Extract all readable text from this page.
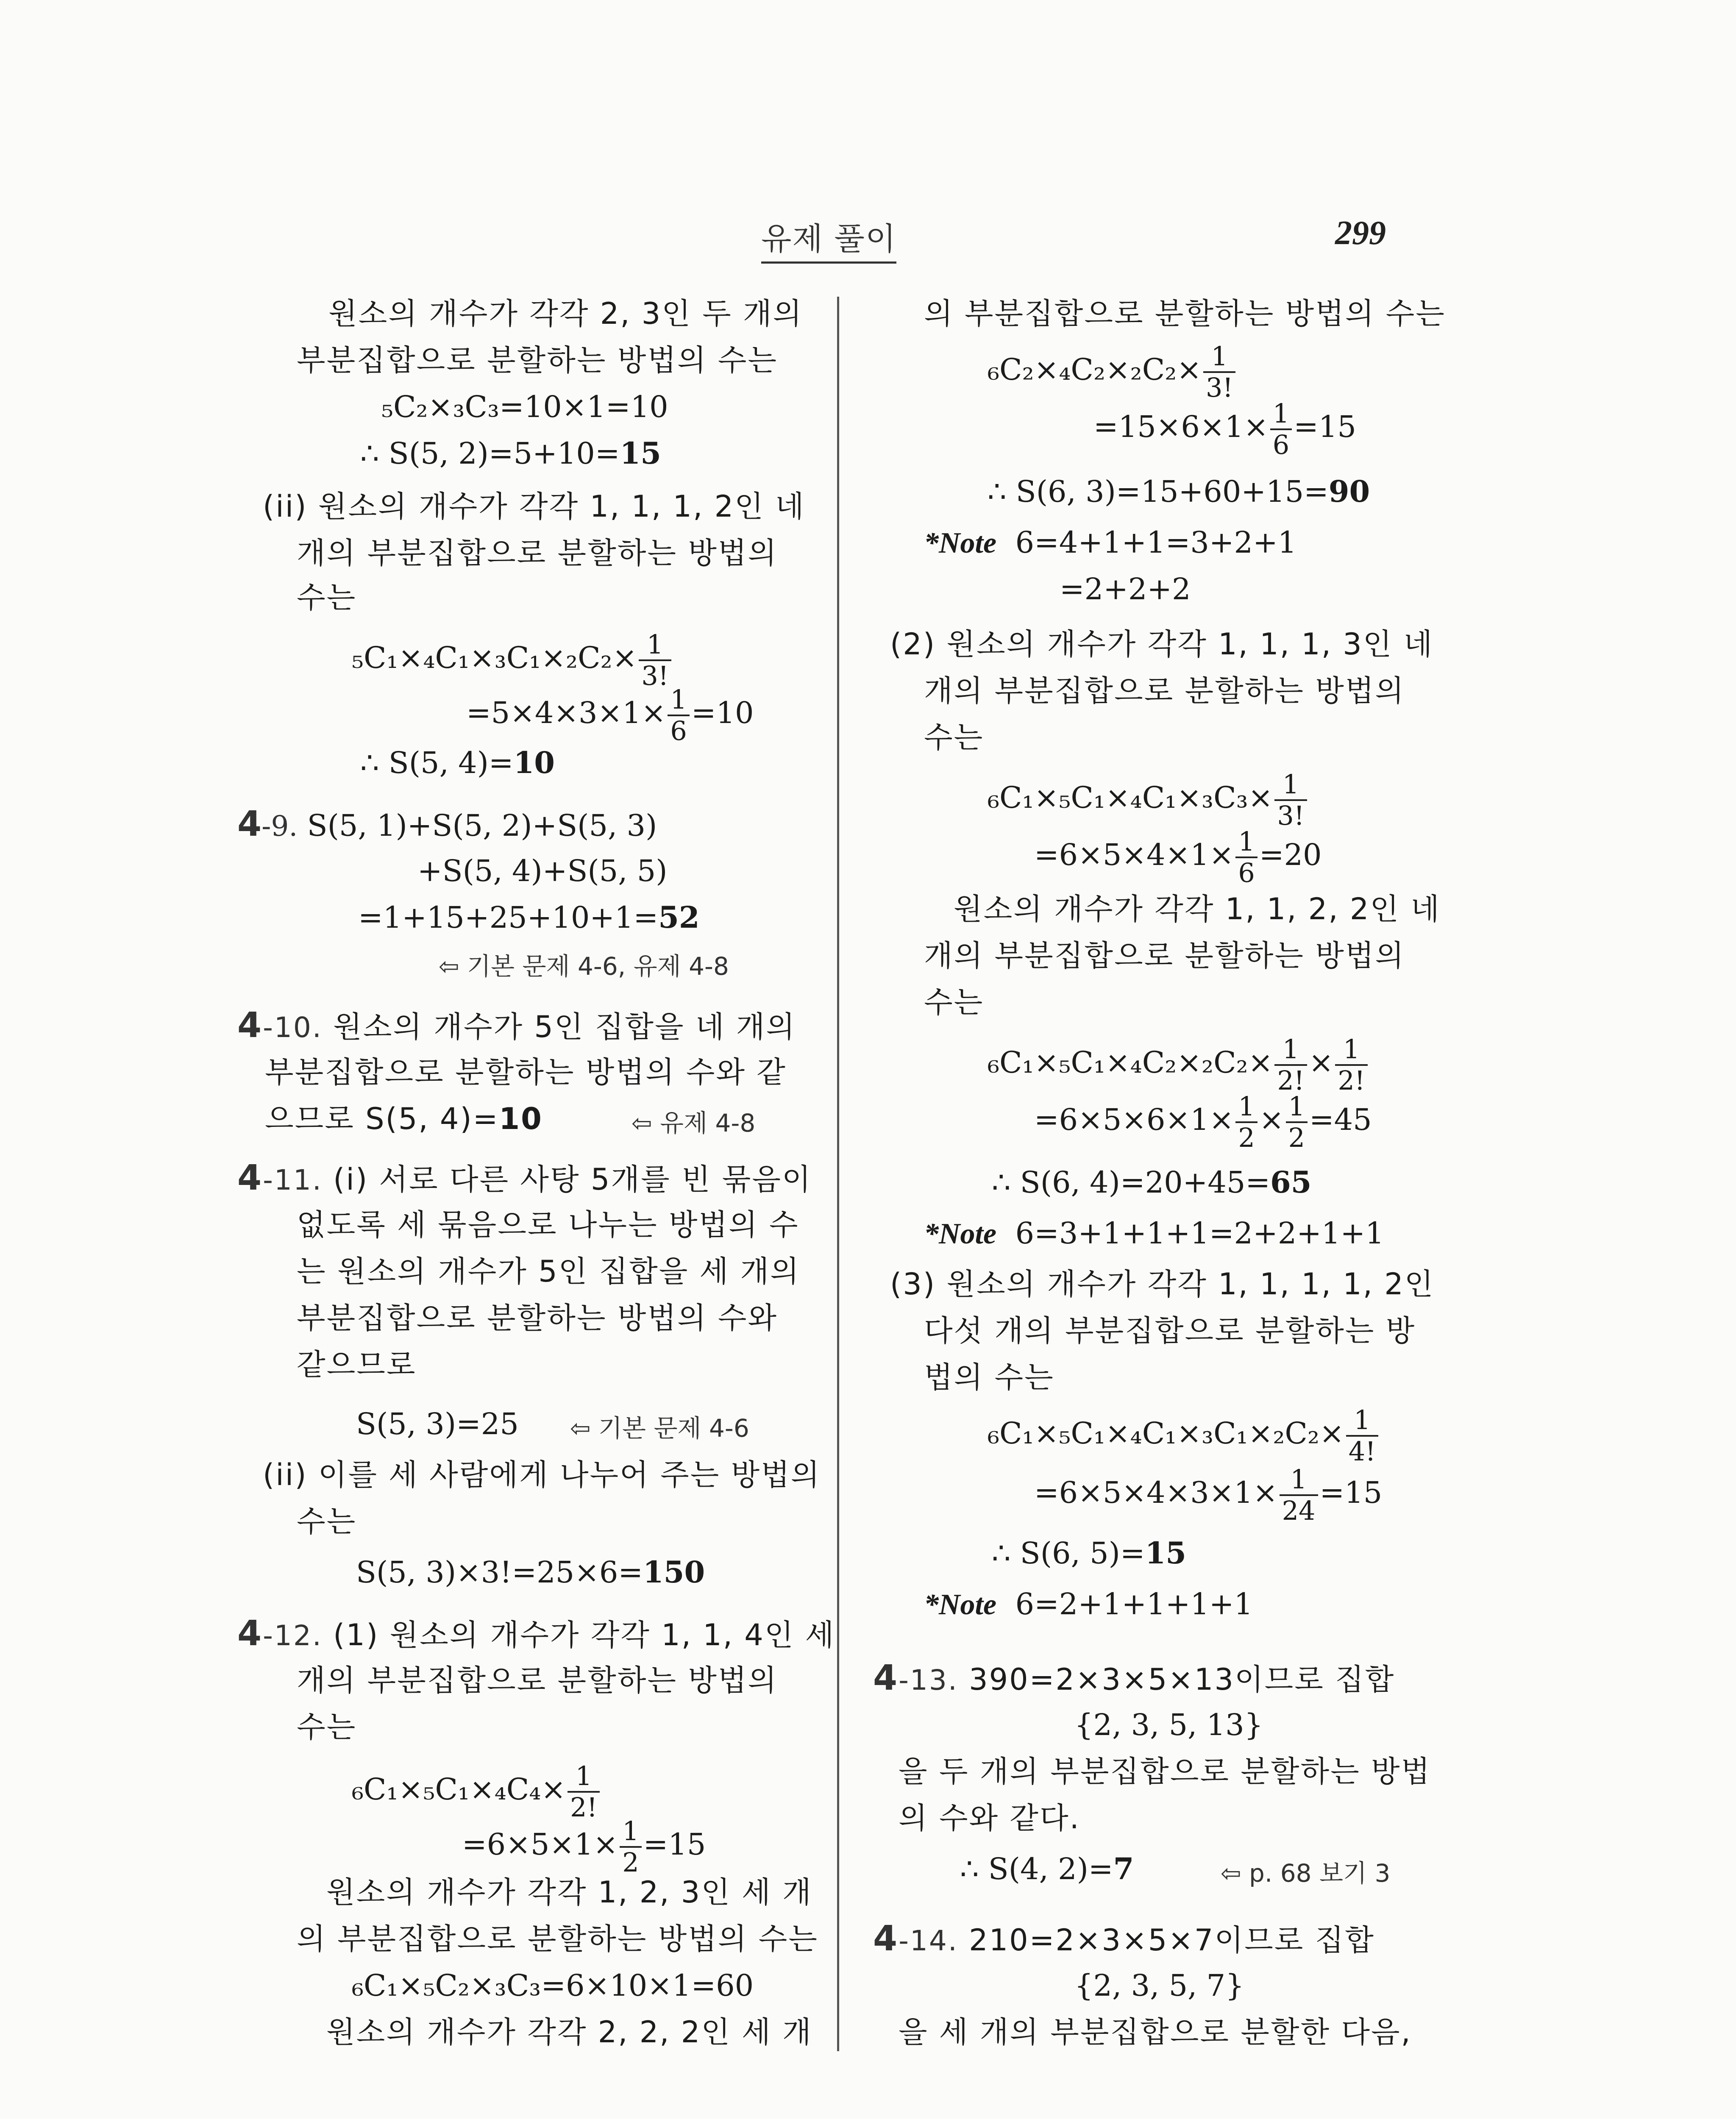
유제 풀이	299
원소의 개수가 각각 2, 3인 두 개의
부분집합으로 분할하는 방법의 수는
₅C₂×₃C₃=10×1=10
∴ S(5, 2)=5+10=15
(ii) 원소의 개수가 각각 1, 1, 1, 2인 네
개의 부분집합으로 분할하는 방법의
수는
$_5C_1\times_4C_1\times_3C_1\times_2C_2\times \frac{1}{3!}$
$=5\times 4\times 3\times 1\times \frac{1}{6} =10$
∴ S(5, 4)=10
4-9. S(5, 1)+S(5, 2)+S(5, 3)
+S(5, 4)+S(5, 5)
=1+15+25+10+1=52
⇦ 기본 문제 4-6, 유제 4-8
4-10. 원소의 개수가 5인 집합을 네 개의
부분집합으로 분할하는 방법의 수와 같
으므로 S(5, 4)=10	⇦ 유제 4-8
4-11. (i) 서로 다른 사탕 5개를 빈 묶음이
없도록 세 묶음으로 나누는 방법의 수
는 원소의 개수가 5인 집합을 세 개의
부분집합으로 분할하는 방법의 수와
같으므로
S(5, 3)=25 ⇦ 기본 문제 4-6
(ii) 이를 세 사람에게 나누어 주는 방법의
수는
S(5, 3)×3!=25×6=150
4-12. (1) 원소의 개수가 각각 1, 1, 4인 세
개의 부분집합으로 분할하는 방법의
수는
$_6C_1\times_5C_1\times_4C_4\times \frac{1}{2!}$
$=6\times 5\times 1\times \frac{1}{2} =15$
원소의 개수가 각각 1, 2, 3인 세 개
의 부분집합으로 분할하는 방법의 수는
₆C₁×₅C₂×₃C₃=6×10×1=60
원소의 개수가 각각 2, 2, 2인 세 개
의 부분집합으로 분할하는 방법의 수는
$_6C_2\times_4C_2\times_2C_2\times \frac{1}{3!}$
$=15\times 6\times 1\times \frac{1}{6} =15$
∴ S(6, 3)=15+60+15=90
*Note 6=4+1+1=3+2+1
=2+2+2
(2) 원소의 개수가 각각 1, 1, 1, 3인 네
개의 부분집합으로 분할하는 방법의
수는
$_6C_1\times_5C_1\times_4C_1\times_3C_3\times \frac{1}{3!}$
$=6\times 5\times 4\times 1\times \frac{1}{6} =20$
원소의 개수가 각각 1, 1, 2, 2인 네
개의 부분집합으로 분할하는 방법의
수는
$_6C_1\times_5C_1\times_4C_2\times_2C_2\times \frac{1}{2!} \times \frac{1}{2!}$
$=6\times 5\times 6\times 1\times \frac{1}{2} \times \frac{1}{2} =45$
∴ S(6, 4)=20+45=65
*Note 6=3+1+1+1=2+2+1+1
(3) 원소의 개수가 각각 1, 1, 1, 1, 2인
다섯 개의 부분집합으로 분할하는 방
법의 수는
$_6C_1\times_5C_1\times_4C_1\times_3C_1\times_2C_2\times \frac{1}{4!}$
$=6\times 5\times 4\times 3\times 1\times \frac{1}{24} =15$
∴ S(6, 5)=15
*Note 6=2+1+1+1+1
4-13. 390=2×3×5×13이므로 집합
{2, 3, 5, 13}
을 두 개의 부분집합으로 분할하는 방법
의 수와 같다.
∴ S(4, 2)=7	⇦ p. 68 보기 3
4-14. 210=2×3×5×7이므로 집합
{2, 3, 5, 7}
을 세 개의 부분집합으로 분할한 다음,
